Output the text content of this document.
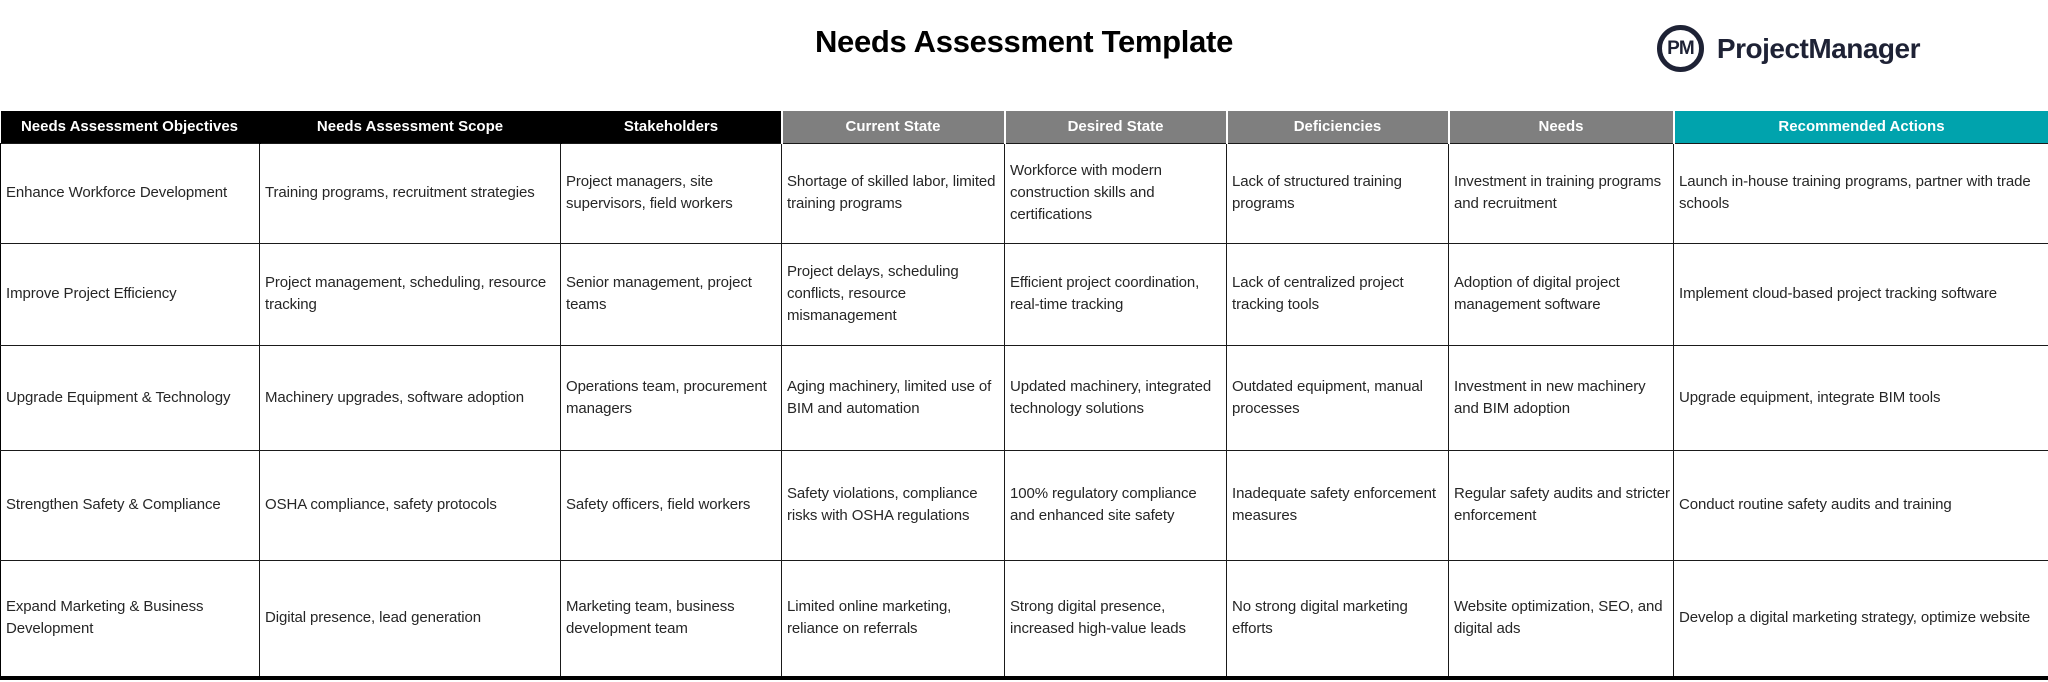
Needs Assessment Template	PM ProjectManager
Needs Assessment Objectives	Needs Assessment Scope	Stakeholders	Current State	Desired State	Deficiencies	Needs	Recommended Actions
Enhance Workforce Development	Training programs, recruitment strategies	Project managers, site supervisors, field workers	Shortage of skilled labor, limited training programs	Workforce with modern construction skills and certifications	Lack of structured training programs	Investment in training programs and recruitment	Launch in-house training programs, partner with trade schools
Improve Project Efficiency	Project management, scheduling, resource tracking	Senior management, project teams	Project delays, scheduling conflicts, resource mismanagement	Efficient project coordination, real-time tracking	Lack of centralized project tracking tools	Adoption of digital project management software	Implement cloud-based project tracking software
Upgrade Equipment & Technology	Machinery upgrades, software adoption	Operations team, procurement managers	Aging machinery, limited use of BIM and automation	Updated machinery, integrated technology solutions	Outdated equipment, manual processes	Investment in new machinery and BIM adoption	Upgrade equipment, integrate BIM tools
Strengthen Safety & Compliance	OSHA compliance, safety protocols	Safety officers, field workers	Safety violations, compliance risks with OSHA regulations	100% regulatory compliance and enhanced site safety	Inadequate safety enforcement measures	Regular safety audits and stricter enforcement	Conduct routine safety audits and training
Expand Marketing & Business Development	Digital presence, lead generation	Marketing team, business development team	Limited online marketing, reliance on referrals	Strong digital presence, increased high-value leads	No strong digital marketing efforts	Website optimization, SEO, and digital ads	Develop a digital marketing strategy, optimize website
